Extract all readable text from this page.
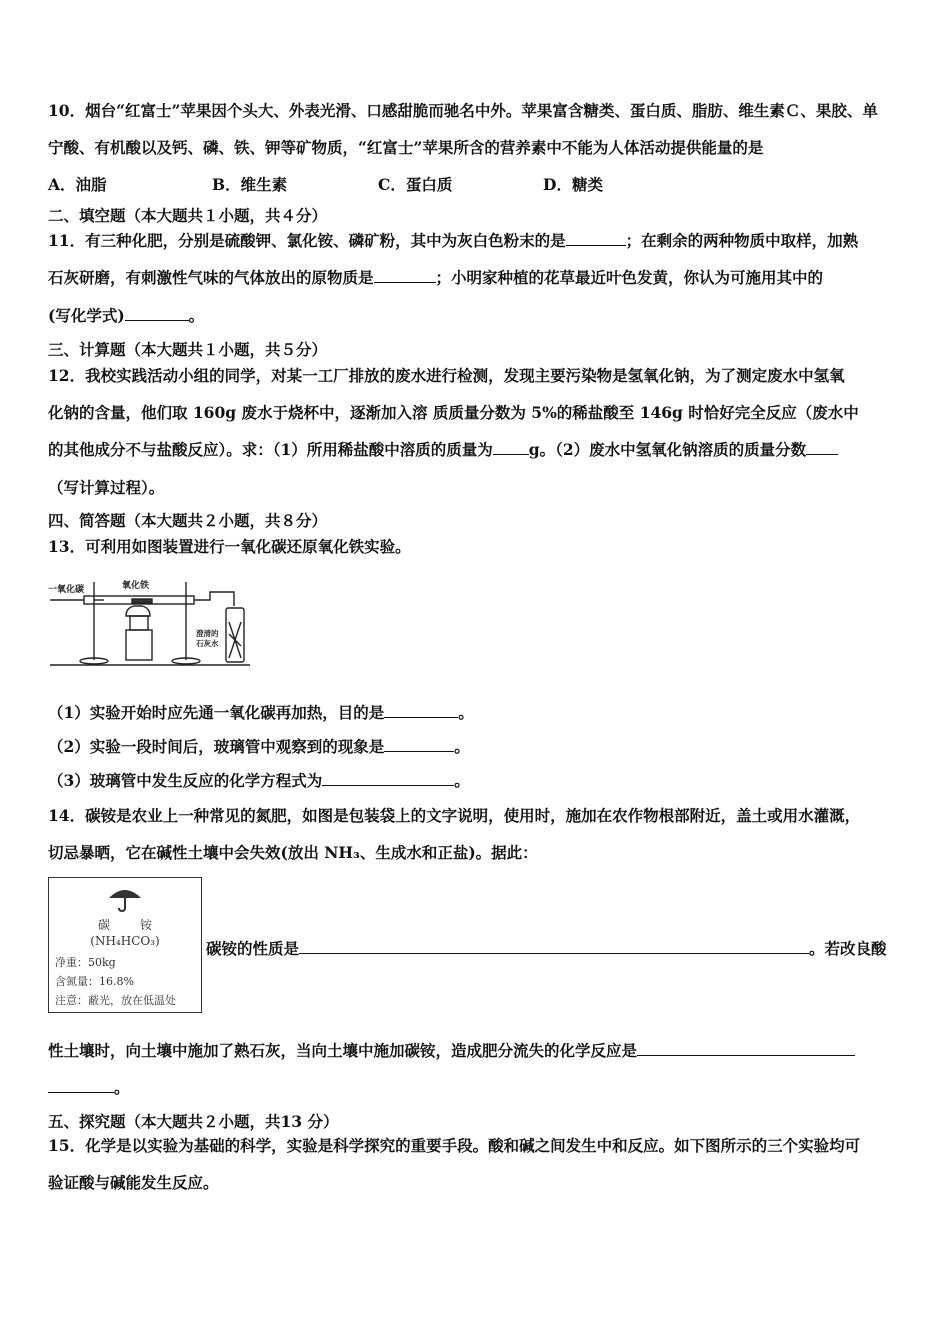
10．烟台“红富士”苹果因个头大、外表光滑、口感甜脆而驰名中外。苹果富含糖类、蛋白质、脂肪、维生素Ｃ、果胶、单
宁酸、有机酸以及钙、磷、铁、钾等矿物质，“红富士”苹果所含的营养素中不能为人体活动提供能量的是
A．油脂	B．维生素	C．蛋白质	D．糖类
二、填空题（本大题共１小题，共４分）
11．有三种化肥，分别是硫酸钾、氯化铵、磷矿粉，其中为灰白色粉末的是	；在剩余的两种物质中取样，加熟
石灰研磨，有刺激性气味的气体放出的原物质是	；小明家种植的花草最近叶色发黄，你认为可施用其中的
(写化学式)	。
三、计算题（本大题共１小题，共５分）
12．我校实践活动小组的同学，对某一工厂排放的废水进行检测，发现主要污染物是氢氧化钠，为了测定废水中氢氧
化钠的含量，他们取 160g 废水于烧杯中，逐渐加入溶 质质量分数为 5%的稀盐酸至 146g 时恰好完全反应（废水中
的其他成分不与盐酸反应）。求：（1）所用稀盐酸中溶质的质量为 g。（2）废水中氢氧化钠溶质的质量分数
（写计算过程）。
四、简答题（本大题共２小题，共８分）
13．可利用如图装置进行一氧化碳还原氧化铁实验。
一氧化碳	氧化铁
澄清的
石灰水
（1）实验开始时应先通一氧化碳再加热，目的是	。
（2）实验一段时间后，玻璃管中观察到的现象是	。
（3）玻璃管中发生反应的化学方程式为	。
14．碳铵是农业上一种常见的氮肥，如图是包装袋上的文字说明，使用时，施加在农作物根部附近，盖土或用水灌溉，
切忌暴晒，它在碱性土壤中会失效(放出 NH₃、生成水和正盐)。据此：
碳	铵
(NH₄HCO₃)
净重：50kg
含氮量：16.8%
注意：蔽光，放在低温处
碳铵的性质是	。若改良酸
性土壤时，向土壤中施加了熟石灰，当向土壤中施加碳铵，造成肥分流失的化学反应是
。
五、探究题（本大题共２小题，共13 分）
15．化学是以实验为基础的科学，实验是科学探究的重要手段。酸和碱之间发生中和反应。如下图所示的三个实验均可
验证酸与碱能发生反应。
